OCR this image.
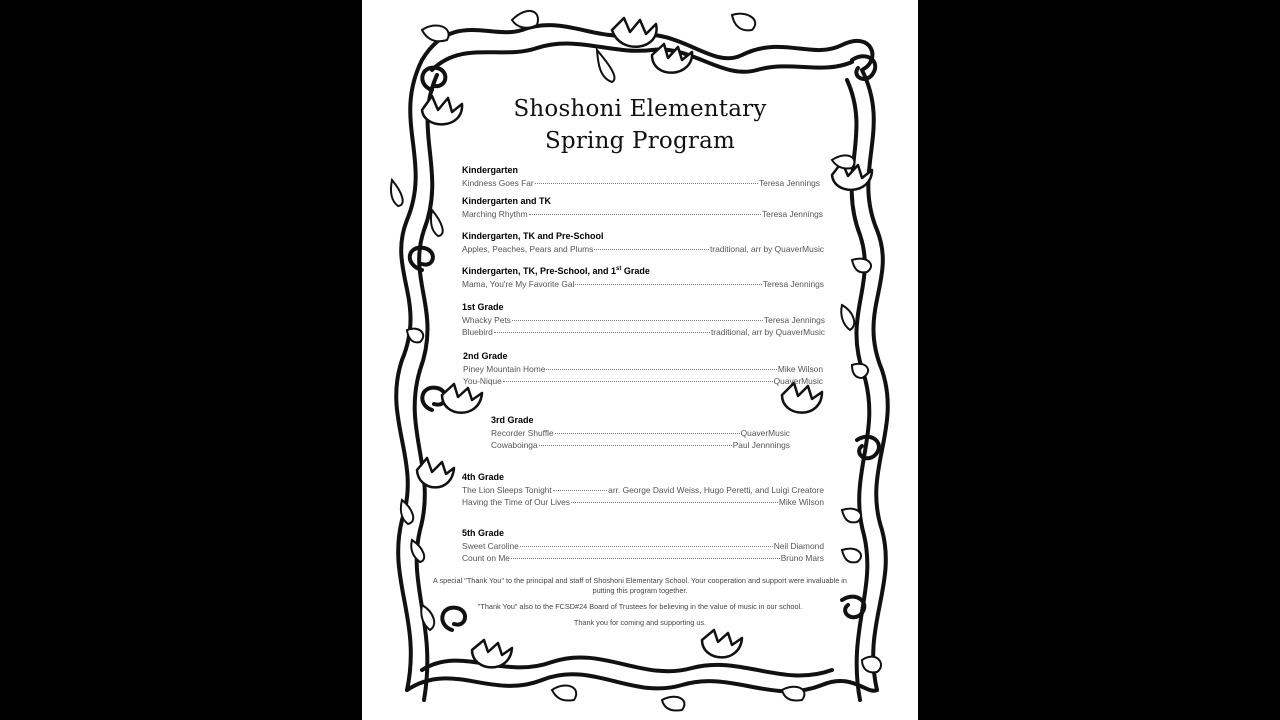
Shoshoni Elementary
Spring Program
Kindergarten
Kindness Goes Far	Teresa Jennings
Kindergarten and TK
Marching Rhythm	Teresa Jennings
Kindergarten, TK and Pre-School
Apples, Peaches, Pears and Plums	traditional, arr by QuaverMusic
Kindergarten, TK, Pre-School, and 1st Grade
Mama, You're My Favorite Gal	Teresa Jennings
1st Grade
Whacky Pets	Teresa Jennings
Bluebird	traditional, arr by QuaverMusic
2nd Grade
Piney Mountain Home	Mike Wilson
You-Nique	QuaverMusic
3rd Grade
Recorder Shuffle	QuaverMusic
Cowaboinga	Paul Jennnings
4th Grade
The Lion Sleeps Tonight	arr. George David Weiss, Hugo Peretti, and Luigi Creatore
Having the Time of Our Lives	Mike Wilson
5th Grade
Sweet Caroline	Neil Diamond
Count on Me	Bruno Mars
A special "Thank You" to the principal and staff of Shoshoni Elementary School. Your cooperation and support were invaluable in putting this program together.
"Thank You" also to the FCSD#24 Board of Trustees for believing in the value of music in our school.
Thank you for coming and supporting us.
